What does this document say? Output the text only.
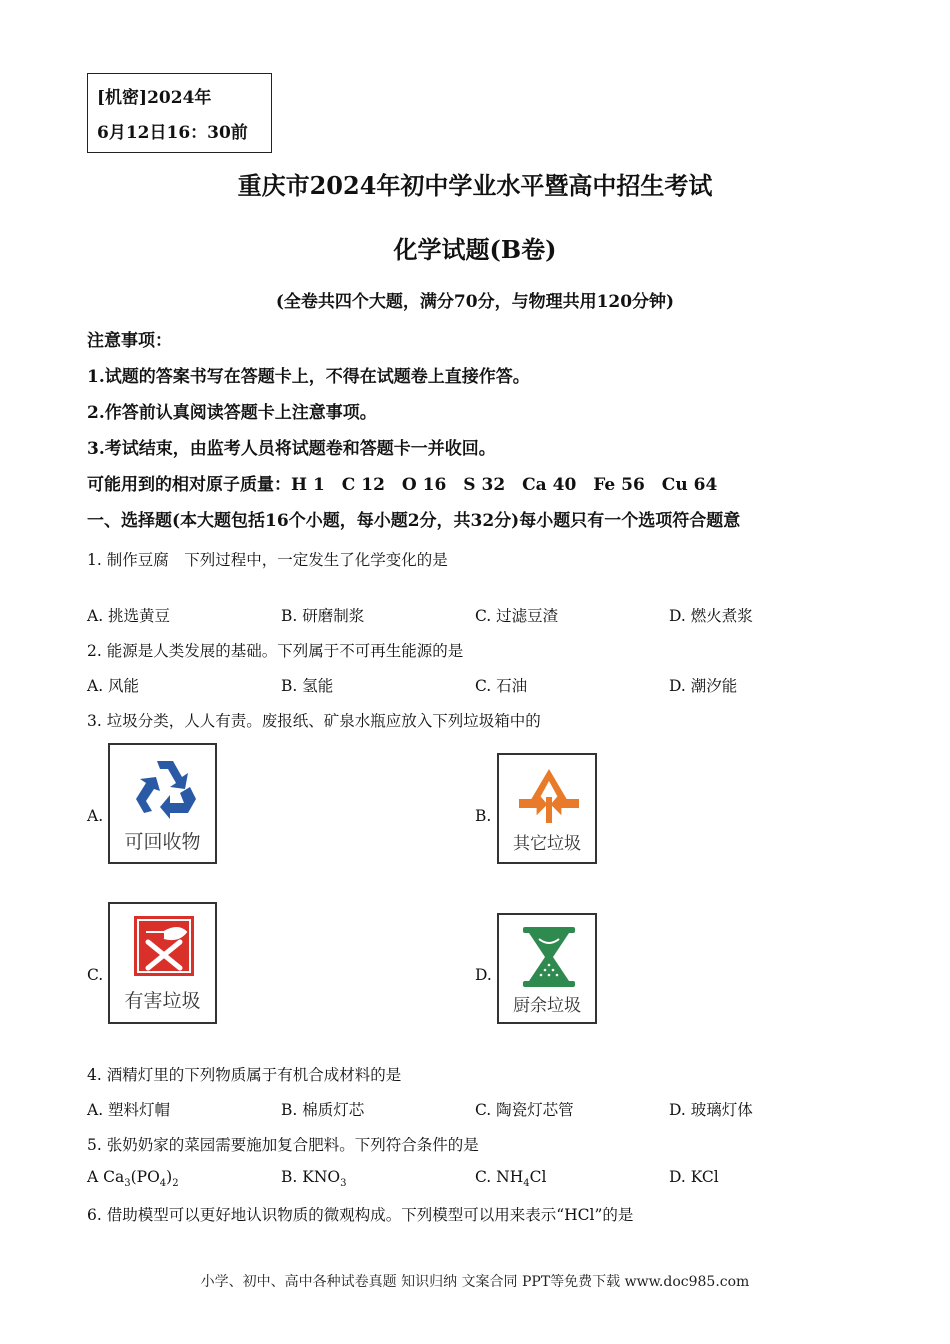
[机密]2024年
6月12日16：30前
重庆市2024年初中学业水平暨高中招生考试
化学试题(B卷)
(全卷共四个大题，满分70分，与物理共用120分钟)
注意事项：
1.试题的答案书写在答题卡上，不得在试题卷上直接作答。
2.作答前认真阅读答题卡上注意事项。
3.考试结束，由监考人员将试题卷和答题卡一并收回。
可能用到的相对原子质量：H 1　C 12　O 16　S 32　Ca 40　Fe 56　Cu 64
一、选择题(本大题包括16个小题，每小题2分，共32分)每小题只有一个选项符合题意
1. 制作豆腐　下列过程中，一定发生了化学变化的是
A. 挑选黄豆	B. 研磨制浆	C. 过滤豆渣	D. 燃火煮浆
2. 能源是人类发展的基础。下列属于不可再生能源的是
A. 风能	B. 氢能	C. 石油	D. 潮汐能
3. 垃圾分类，人人有责。废报纸、矿泉水瓶应放入下列垃圾箱中的
A.
可回收物
B.
其它垃圾
C.
有害垃圾
D.
厨余垃圾
4. 酒精灯里的下列物质属于有机合成材料的是
A. 塑料灯帽	B. 棉质灯芯	C. 陶瓷灯芯管	D. 玻璃灯体
5. 张奶奶家的菜园需要施加复合肥料。下列符合条件的是
A $Ca_3(PO_4)_2$	B. $KNO_3$	C. $NH_4Cl$	D. KCl
6. 借助模型可以更好地认识物质的微观构成。下列模型可以用来表示“HCl”的是
小学、初中、高中各种试卷真题 知识归纳 文案合同 PPT等免费下载 www.doc985.com
